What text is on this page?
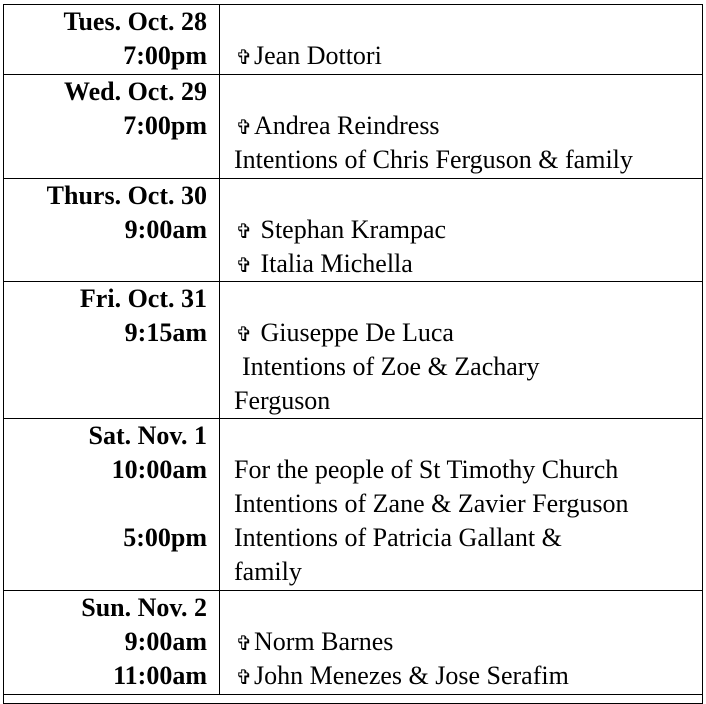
Tues. Oct. 28
7:00pm ✞Jean Dottori
Wed. Oct. 29
7:00pm ✞Andrea Reindress
Intentions of Chris Ferguson & family
Thurs. Oct. 30
9:00am ✞ Stephan Krampac
✞ Italia Michella
Fri. Oct. 31
9:15am ✞ Giuseppe De Luca
Intentions of Zoe & Zachary
Ferguson
Sat. Nov. 1
10:00am
5:00pm
For the people of St Timothy Church
Intentions of Zane & Zavier Ferguson
Intentions of Patricia Gallant &
family
Sun. Nov. 2
9:00am
11:00am
✞Norm Barnes
✞John Menezes & Jose Serafim
